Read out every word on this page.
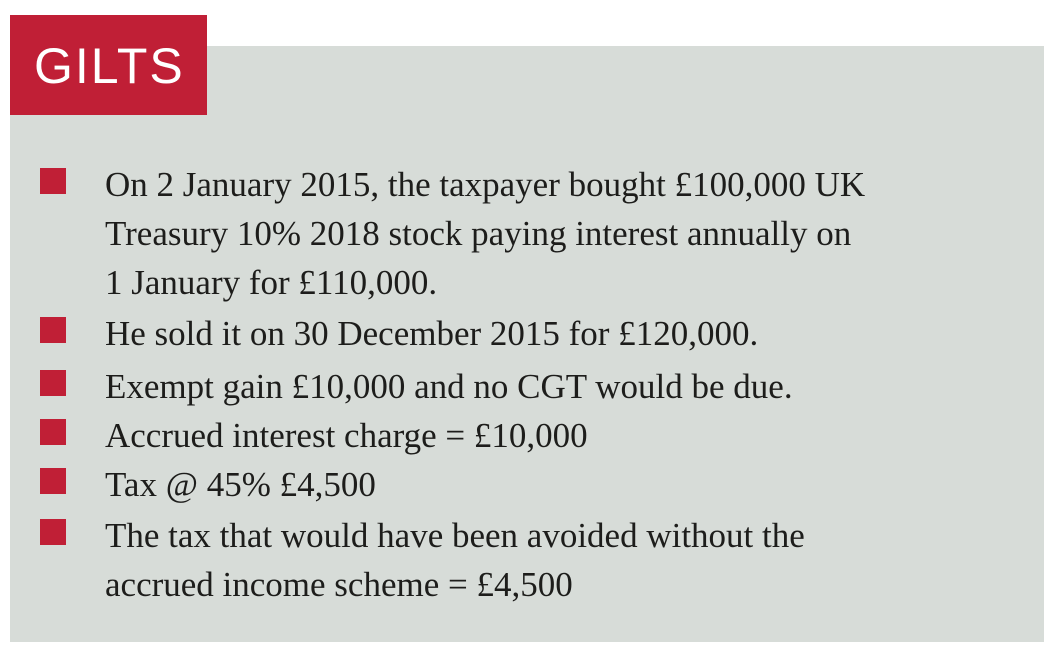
GILTS
On 2 January 2015, the taxpayer bought £100,000 UK
Treasury 10% 2018 stock paying interest annually on
1 January for £110,000.
He sold it on 30 December 2015 for £120,000.
Exempt gain £10,000 and no CGT would be due.
Accrued interest charge = £10,000
Tax @ 45% £4,500
The tax that would have been avoided without the
accrued income scheme = £4,500
